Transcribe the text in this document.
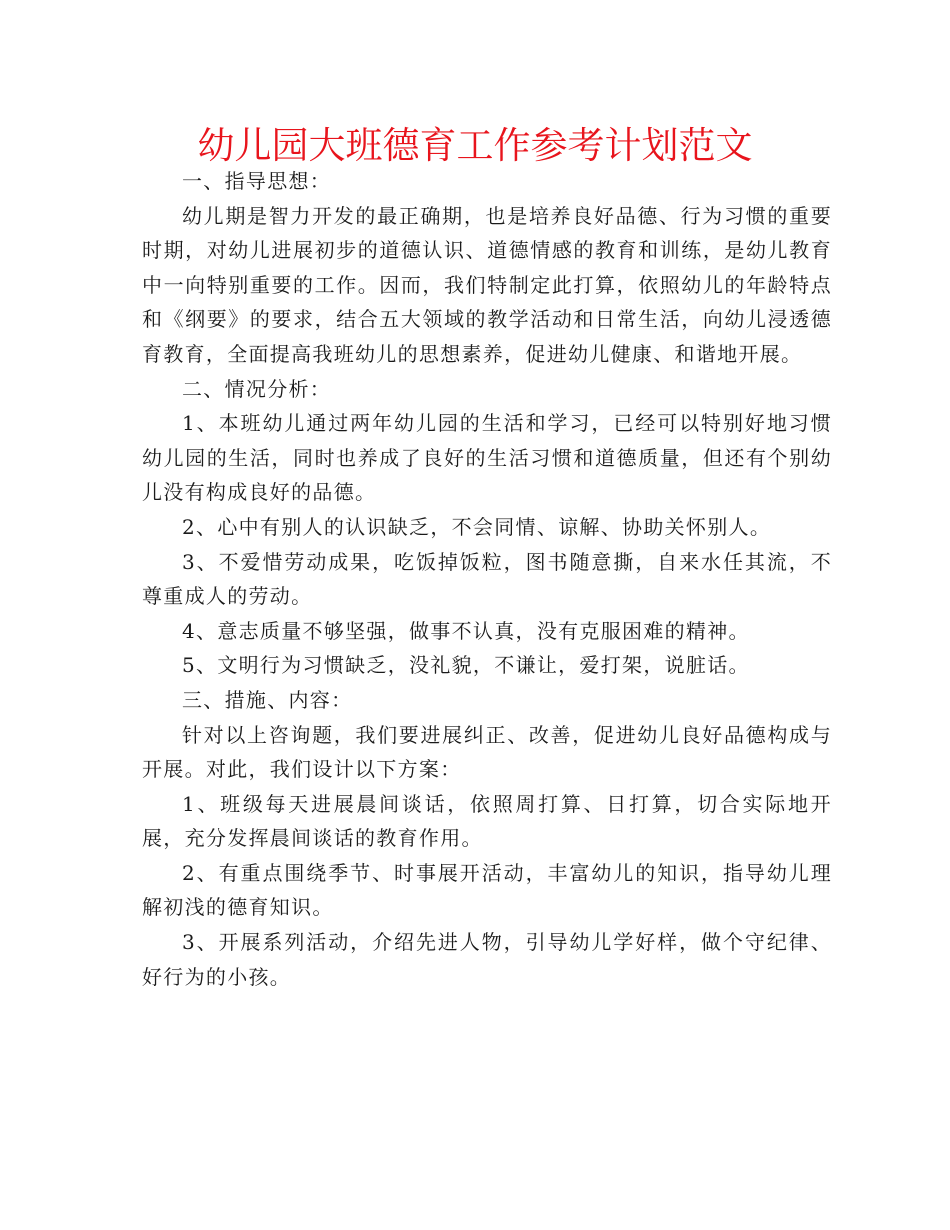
幼儿园大班德育工作参考计划范文

一、指导思想：

幼儿期是智力开发的最正确期，也是培养良好品德、行为习惯的重要时期，对幼儿进展初步的道德认识、道德情感的教育和训练，是幼儿教育中一向特别重要的工作。因而，我们特制定此打算，依照幼儿的年龄特点和《纲要》的要求，结合五大领域的教学活动和日常生活，向幼儿浸透德育教育，全面提高我班幼儿的思想素养，促进幼儿健康、和谐地开展。

二、情况分析：

1、本班幼儿通过两年幼儿园的生活和学习，已经可以特别好地习惯幼儿园的生活，同时也养成了良好的生活习惯和道德质量，但还有个别幼儿没有构成良好的品德。

2、心中有别人的认识缺乏，不会同情、谅解、协助关怀别人。

3、不爱惜劳动成果，吃饭掉饭粒，图书随意撕，自来水任其流，不尊重成人的劳动。

4、意志质量不够坚强，做事不认真，没有克服困难的精神。

5、文明行为习惯缺乏，没礼貌，不谦让，爱打架，说脏话。

三、措施、内容：

针对以上咨询题，我们要进展纠正、改善，促进幼儿良好品德构成与开展。对此，我们设计以下方案：

1、班级每天进展晨间谈话，依照周打算、日打算，切合实际地开展，充分发挥晨间谈话的教育作用。

2、有重点围绕季节、时事展开活动，丰富幼儿的知识，指导幼儿理解初浅的德育知识。

3、开展系列活动，介绍先进人物，引导幼儿学好样，做个守纪律、好行为的小孩。
